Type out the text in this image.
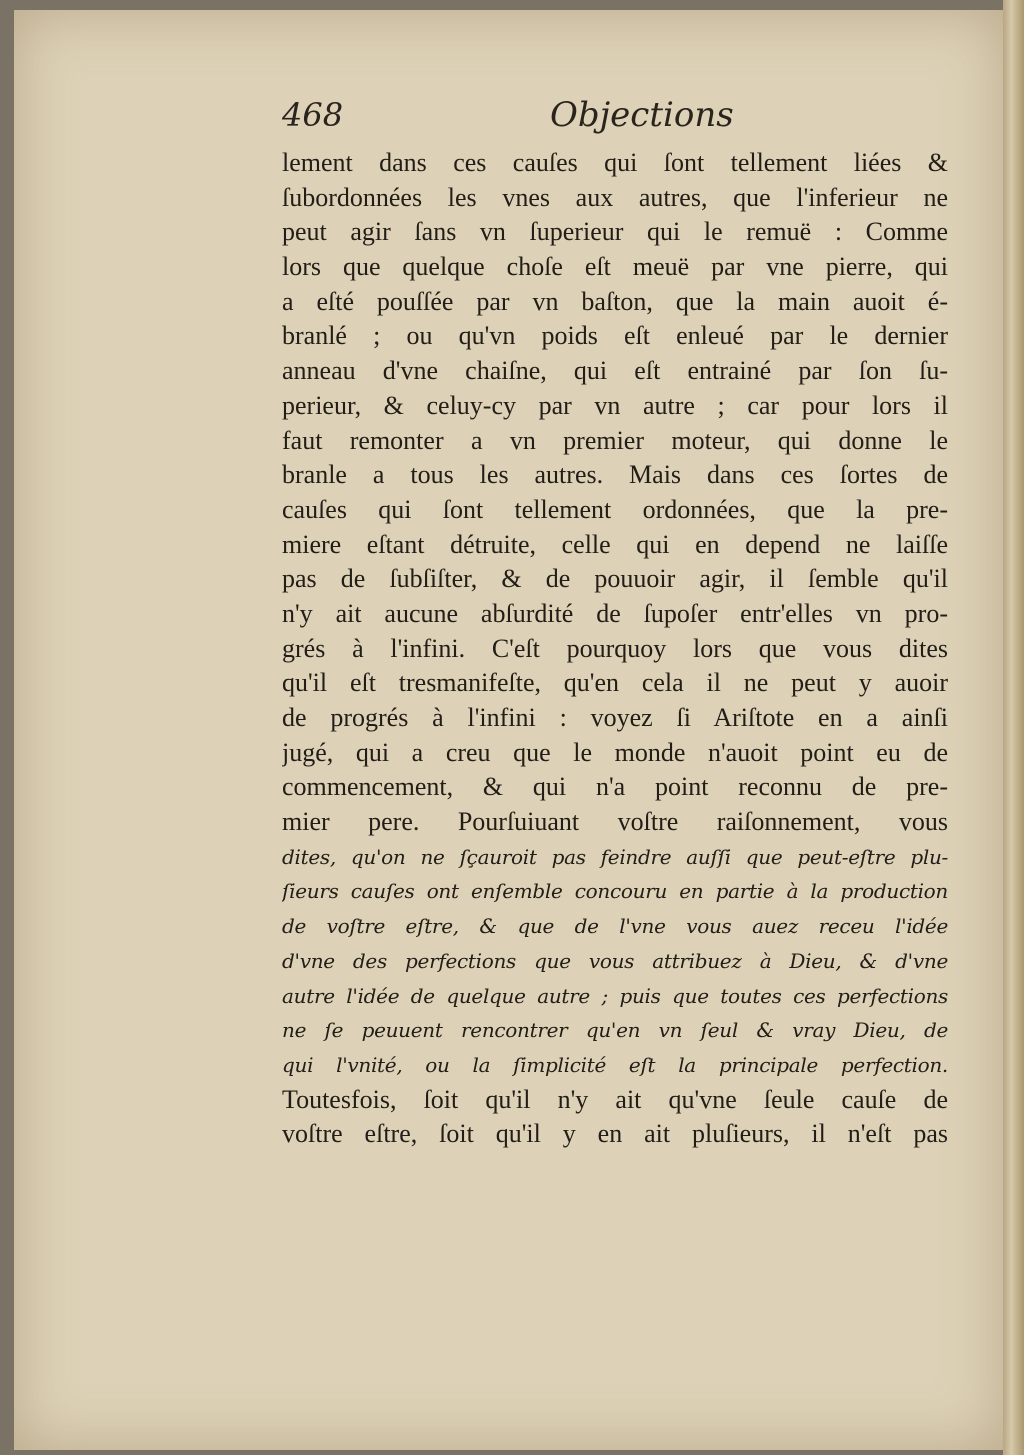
468	Objections
lement dans ces cauſes qui ſont tellement liées &
ſubordonnées les vnes aux autres, que l'inferieur ne
peut agir ſans vn ſuperieur qui le remuë : Comme
lors que quelque choſe eſt meuë par vne pierre, qui
a eſté pouſſée par vn baſton, que la main auoit é-
branlé ; ou qu'vn poids eſt enleué par le dernier
anneau d'vne chaiſne, qui eſt entrainé par ſon ſu-
perieur, & celuy-cy par vn autre ; car pour lors il
faut remonter a vn premier moteur, qui donne le
branle a tous les autres. Mais dans ces ſortes de
cauſes qui ſont tellement ordonnées, que la pre-
miere eſtant détruite, celle qui en depend ne laiſſe
pas de ſubſiſter, & de pouuoir agir, il ſemble qu'il
n'y ait aucune abſurdité de ſupoſer entr'elles vn pro-
grés à l'infini. C'eſt pourquoy lors que vous dites
qu'il eſt tresmanifeſte, qu'en cela il ne peut y auoir
de progrés à l'infini : voyez ſi Ariſtote en a ainſi
jugé, qui a creu que le monde n'auoit point eu de
commencement, & qui n'a point reconnu de pre-
mier pere. Pourſuiuant voſtre raiſonnement, vous
dites, qu'on ne ſçauroit pas feindre auſſi que peut-eſtre plu-
ſieurs cauſes ont enſemble concouru en partie à la production
de voſtre eſtre, & que de l'vne vous auez receu l'idée
d'vne des perfections que vous attribuez à Dieu, & d'vne
autre l'idée de quelque autre ; puis que toutes ces perfections
ne ſe peuuent rencontrer qu'en vn ſeul & vray Dieu, de
qui l'vnité, ou la ſimplicité eſt la principale perfection.
Toutesfois, ſoit qu'il n'y ait qu'vne ſeule cauſe de
voſtre eſtre, ſoit qu'il y en ait pluſieurs, il n'eſt pas
